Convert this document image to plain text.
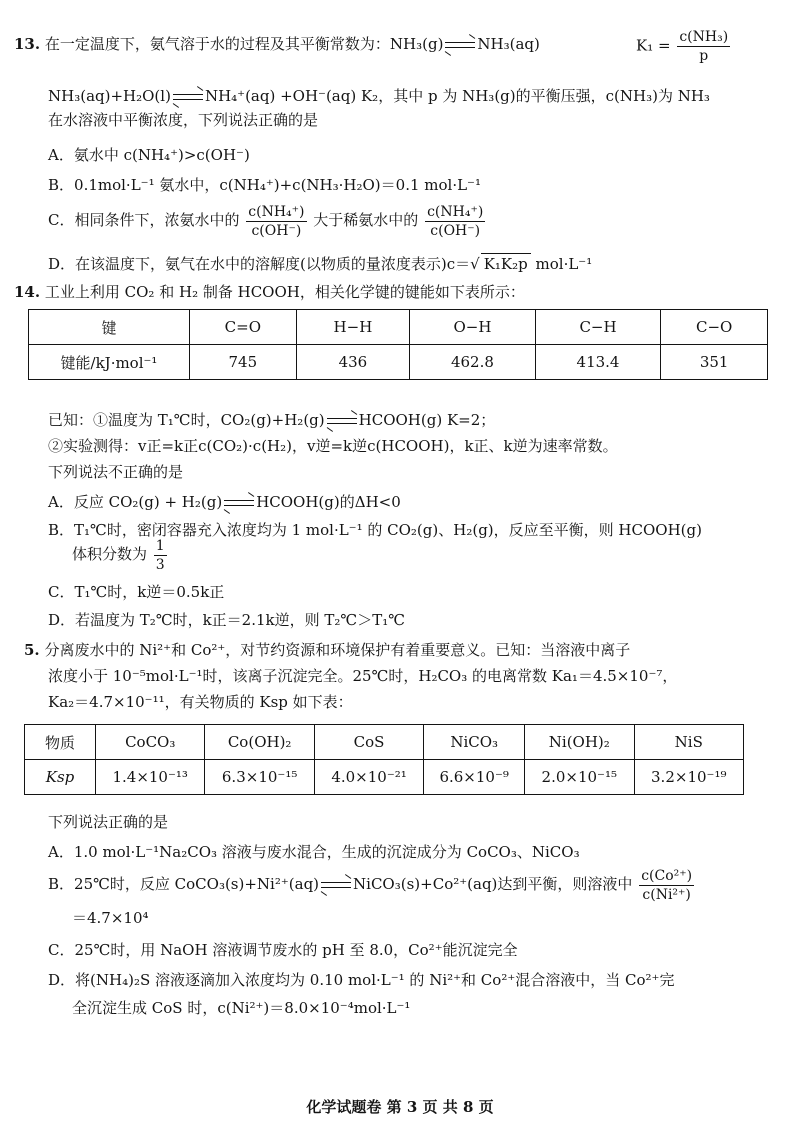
13. 在一定温度下，氨气溶于水的过程及其平衡常数为：NH₃(g) NH₃(aq)	$K_1 = \frac{\text{c(NH₃)}}{p}$
NH₃(aq)+H₂O(l) NH₄⁺(aq) +OH⁻(aq) K₂，其中 p 为 NH₃(g)的平衡压强，c(NH₃)为 NH₃
在水溶液中平衡浓度，下列说法正确的是
A．氨水中 c(NH₄⁺)>c(OH⁻)
B．0.1mol·L⁻¹ 氨水中，c(NH₄⁺)+c(NH₃·H₂O)＝0.1 mol·L⁻¹
C．相同条件下，浓氨水中的 $\frac{\text{c(NH₄⁺)}}{c(OH^-)}$ 大于稀氨水中的 $\frac{\text{c(NH₄⁺)}}{c(OH^-)}$
D．在该温度下，氨气在水中的溶解度(以物质的量浓度表示)c＝√ K₁K₂p mol·L⁻¹
14. 工业上利用 CO₂ 和 H₂ 制备 HCOOH，相关化学键的键能如下表所示：
键	C=O	H−H	O−H	C−H	C−O
键能/kJ·mol⁻¹	745	436	462.8	413.4	351
已知：①温度为 T₁℃时，CO₂(g)+H₂(g) HCOOH(g) K=2；
②实验测得：v正=k正c(CO₂)·c(H₂)，v逆=k逆c(HCOOH)，k正、k逆为速率常数。
下列说法不正确的是
A．反应 CO₂(g) + H₂(g) HCOOH(g)的ΔH<0
B．T₁℃时，密闭容器充入浓度均为 1 mol·L⁻¹ 的 CO₂(g)、H₂(g)，反应至平衡，则 HCOOH(g)
体积分数为 $\frac{1}{3}$
C．T₁℃时，k逆＝0.5k正
D．若温度为 T₂℃时，k正＝2.1k逆，则 T₂℃＞T₁℃
5. 分离废水中的 Ni²⁺和 Co²⁺，对节约资源和环境保护有着重要意义。已知：当溶液中离子
浓度小于 10⁻⁵mol·L⁻¹时，该离子沉淀完全。25℃时，H₂CO₃ 的电离常数 Ka₁＝4.5×10⁻⁷，
Ka₂＝4.7×10⁻¹¹，有关物质的 Ksp 如下表：
物质	CoCO₃	Co(OH)₂	CoS	NiCO₃	Ni(OH)₂	NiS
Ksp	1.4×10⁻¹³	6.3×10⁻¹⁵	4.0×10⁻²¹	6.6×10⁻⁹	2.0×10⁻¹⁵	3.2×10⁻¹⁹
下列说法正确的是
A．1.0 mol·L⁻¹Na₂CO₃ 溶液与废水混合，生成的沉淀成分为 CoCO₃、NiCO₃
B．25℃时，反应 CoCO₃(s)+Ni²⁺(aq) NiCO₃(s)+Co²⁺(aq)达到平衡，则溶液中 $\frac{\text{c(Co²⁺)}}{\text{c(Ni²⁺)}}$
＝4.7×10⁴
C．25℃时，用 NaOH 溶液调节废水的 pH 至 8.0，Co²⁺能沉淀完全
D．将(NH₄)₂S 溶液逐滴加入浓度均为 0.10 mol·L⁻¹ 的 Ni²⁺和 Co²⁺混合溶液中，当 Co²⁺完
全沉淀生成 CoS 时，c(Ni²⁺)＝8.0×10⁻⁴mol·L⁻¹
化学试题卷 第 3 页 共 8 页
